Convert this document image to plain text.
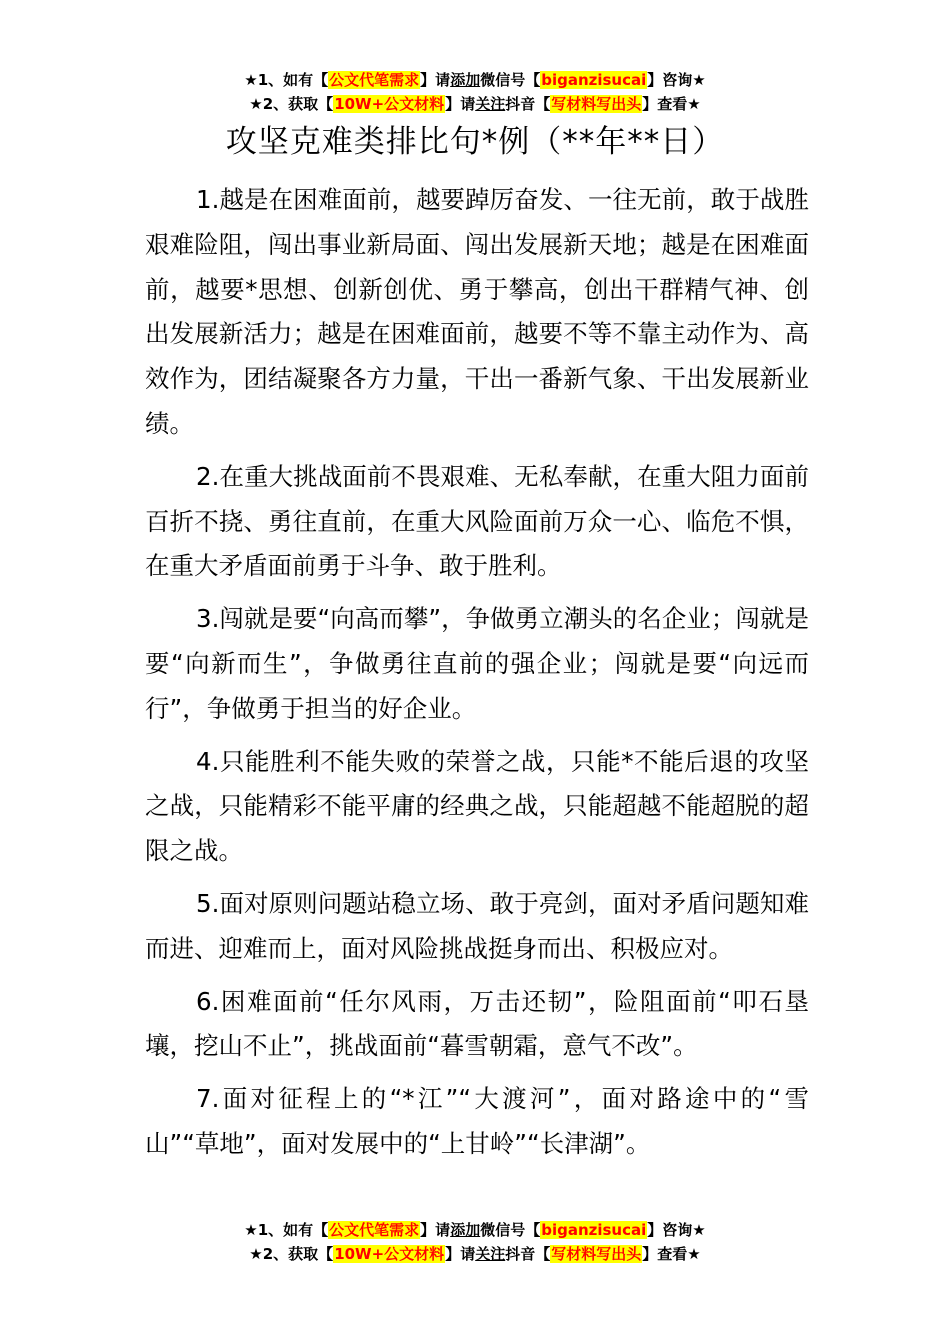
★1、如有【公文代笔需求】请添加微信号【biganzisucai】咨询★
★2、获取【10W+公文材料】请关注抖音【写材料写出头】查看★
攻坚克难类排比句*例（**年**日）

1.越是在困难面前，越要踔厉奋发、一往无前，敢于战胜艰难险阻，闯出事业新局面、闯出发展新天地；越是在困难面前，越要*思想、创新创优、勇于攀高，创出干群精气神、创出发展新活力；越是在困难面前，越要不等不靠主动作为、高效作为，团结凝聚各方力量，干出一番新气象、干出发展新业绩。

2.在重大挑战面前不畏艰难、无私奉献，在重大阻力面前百折不挠、勇往直前，在重大风险面前万众一心、临危不惧，在重大矛盾面前勇于斗争、敢于胜利。

3.闯就是要“向高而攀”，争做勇立潮头的名企业；闯就是要“向新而生”，争做勇往直前的强企业；闯就是要“向远而行”，争做勇于担当的好企业。

4.只能胜利不能失败的荣誉之战，只能*不能后退的攻坚之战，只能精彩不能平庸的经典之战，只能超越不能超脱的超限之战。

5.面对原则问题站稳立场、敢于亮剑，面对矛盾问题知难而进、迎难而上，面对风险挑战挺身而出、积极应对。

6.困难面前“任尔风雨，万击还韧”，险阻面前“叩石垦壤，挖山不止”，挑战面前“暮雪朝霜，意气不改”。

7.面对征程上的“*江”“大渡河”，面对路途中的“雪山”“草地”，面对发展中的“上甘岭”“长津湖”。

★1、如有【公文代笔需求】请添加微信号【biganzisucai】咨询★
★2、获取【10W+公文材料】请关注抖音【写材料写出头】查看★
